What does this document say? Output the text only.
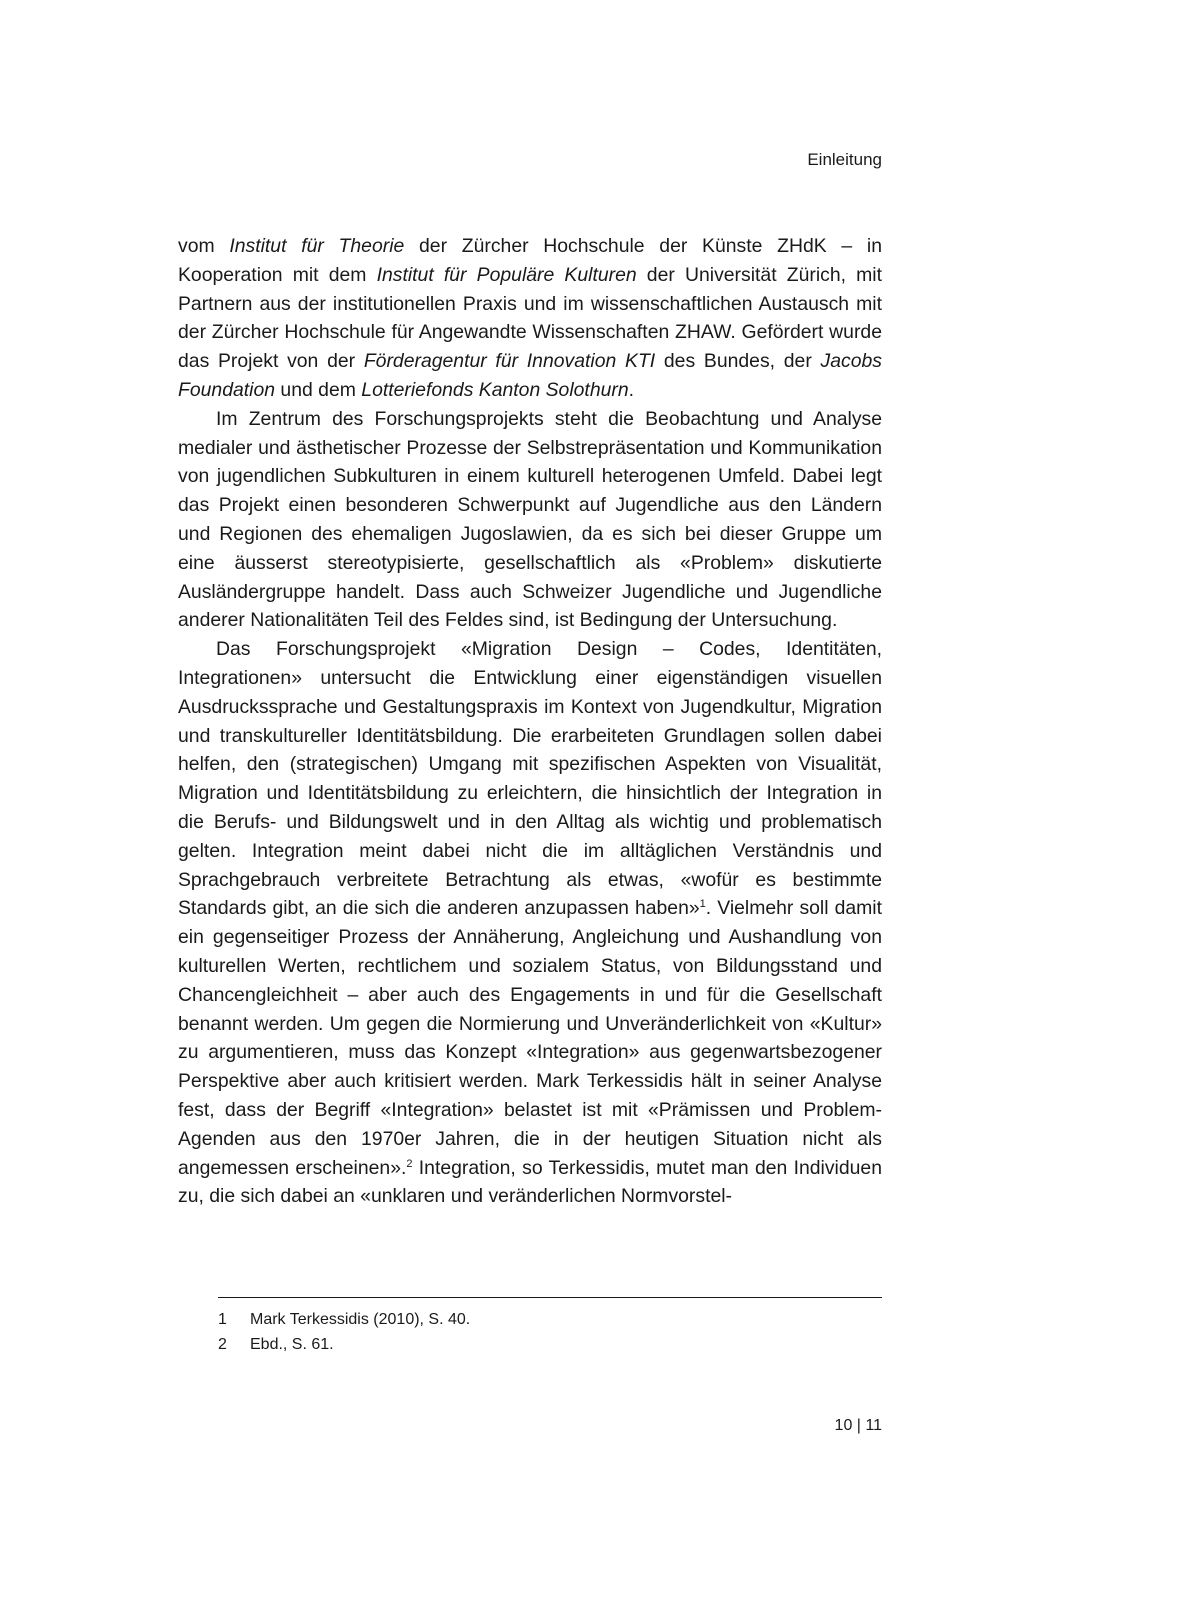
Einleitung

vom Institut für Theorie der Zürcher Hochschule der Künste ZHdK – in Kooperation mit dem Institut für Populäre Kulturen der Universität Zürich, mit Partnern aus der institutionellen Praxis und im wissenschaftlichen Austausch mit der Zürcher Hochschule für Angewandte Wissenschaften ZHAW. Gefördert wurde das Projekt von der Förderagentur für Innovation KTI des Bundes, der Jacobs Foundation und dem Lotteriefonds Kanton Solothurn.

Im Zentrum des Forschungsprojekts steht die Beobachtung und Analyse medialer und ästhetischer Prozesse der Selbstrepräsentation und Kommunikation von jugendlichen Subkulturen in einem kulturell heterogenen Umfeld. Dabei legt das Projekt einen besonderen Schwerpunkt auf Jugendliche aus den Ländern und Regionen des ehemaligen Jugoslawien, da es sich bei dieser Gruppe um eine äusserst stereotypisierte, gesellschaftlich als «Problem» diskutierte Ausländergruppe handelt. Dass auch Schweizer Jugendliche und Jugendliche anderer Nationalitäten Teil des Feldes sind, ist Bedingung der Untersuchung.

Das Forschungsprojekt «Migration Design – Codes, Identitäten, Integrationen» untersucht die Entwicklung einer eigenständigen visuellen Ausdruckssprache und Gestaltungspraxis im Kontext von Jugendkultur, Migration und transkultureller Identitätsbildung. Die erarbeiteten Grundlagen sollen dabei helfen, den (strategischen) Umgang mit spezifischen Aspekten von Visualität, Migration und Identitätsbildung zu erleichtern, die hinsichtlich der Integration in die Berufs- und Bildungswelt und in den Alltag als wichtig und problematisch gelten. Integration meint dabei nicht die im alltäglichen Verständnis und Sprachgebrauch verbreitete Betrachtung als etwas, «wofür es bestimmte Standards gibt, an die sich die anderen anzupassen haben»$^1$. Vielmehr soll damit ein gegenseitiger Prozess der Annäherung, Angleichung und Aushandlung von kulturellen Werten, rechtlichem und sozialem Status, von Bildungsstand und Chancengleichheit – aber auch des Engagements in und für die Gesellschaft benannt werden. Um gegen die Normierung und Unveränderlichkeit von «Kultur» zu argumentieren, muss das Konzept «Integration» aus gegenwartsbezogener Perspektive aber auch kritisiert werden. Mark Terkessidis hält in seiner Analyse fest, dass der Begriff «Integration» belastet ist mit «Prämissen und Problem-Agenden aus den 1970er Jahren, die in der heutigen Situation nicht als angemessen erscheinen».$^2$ Integration, so Terkessidis, mutet man den Individuen zu, die sich dabei an «unklaren und veränderlichen Normvorstel-

1	Mark Terkessidis (2010), S. 40.
2	Ebd., S. 61.
10 | 11
